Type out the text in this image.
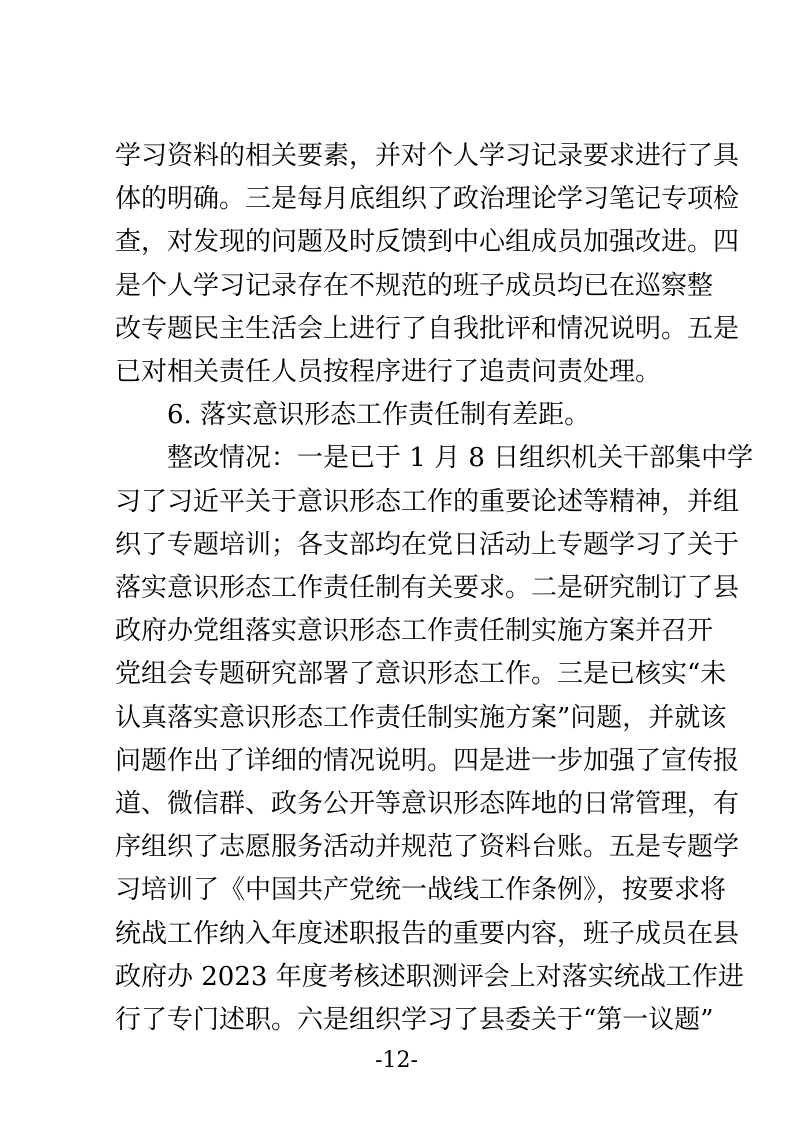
学习资料的相关要素，并对个人学习记录要求进行了具
体的明确。三是每月底组织了政治理论学习笔记专项检
查，对发现的问题及时反馈到中心组成员加强改进。四
是个人学习记录存在不规范的班子成员均已在巡察整
改专题民主生活会上进行了自我批评和情况说明。五是
已对相关责任人员按程序进行了追责问责处理。
6. 落实意识形态工作责任制有差距。
整改情况：一是已于 1 月 8 日组织机关干部集中学
习了习近平关于意识形态工作的重要论述等精神，并组
织了专题培训；各支部均在党日活动上专题学习了关于
落实意识形态工作责任制有关要求。二是研究制订了县
政府办党组落实意识形态工作责任制实施方案并召开
党组会专题研究部署了意识形态工作。三是已核实“未
认真落实意识形态工作责任制实施方案”问题，并就该
问题作出了详细的情况说明。四是进一步加强了宣传报
道、微信群、政务公开等意识形态阵地的日常管理，有
序组织了志愿服务活动并规范了资料台账。五是专题学
习培训了《中国共产党统一战线工作条例》，按要求将
统战工作纳入年度述职报告的重要内容，班子成员在县
政府办 2023 年度考核述职测评会上对落实统战工作进
-12-
行了专门述职。六是组织学习了县委关于“第一议题”
